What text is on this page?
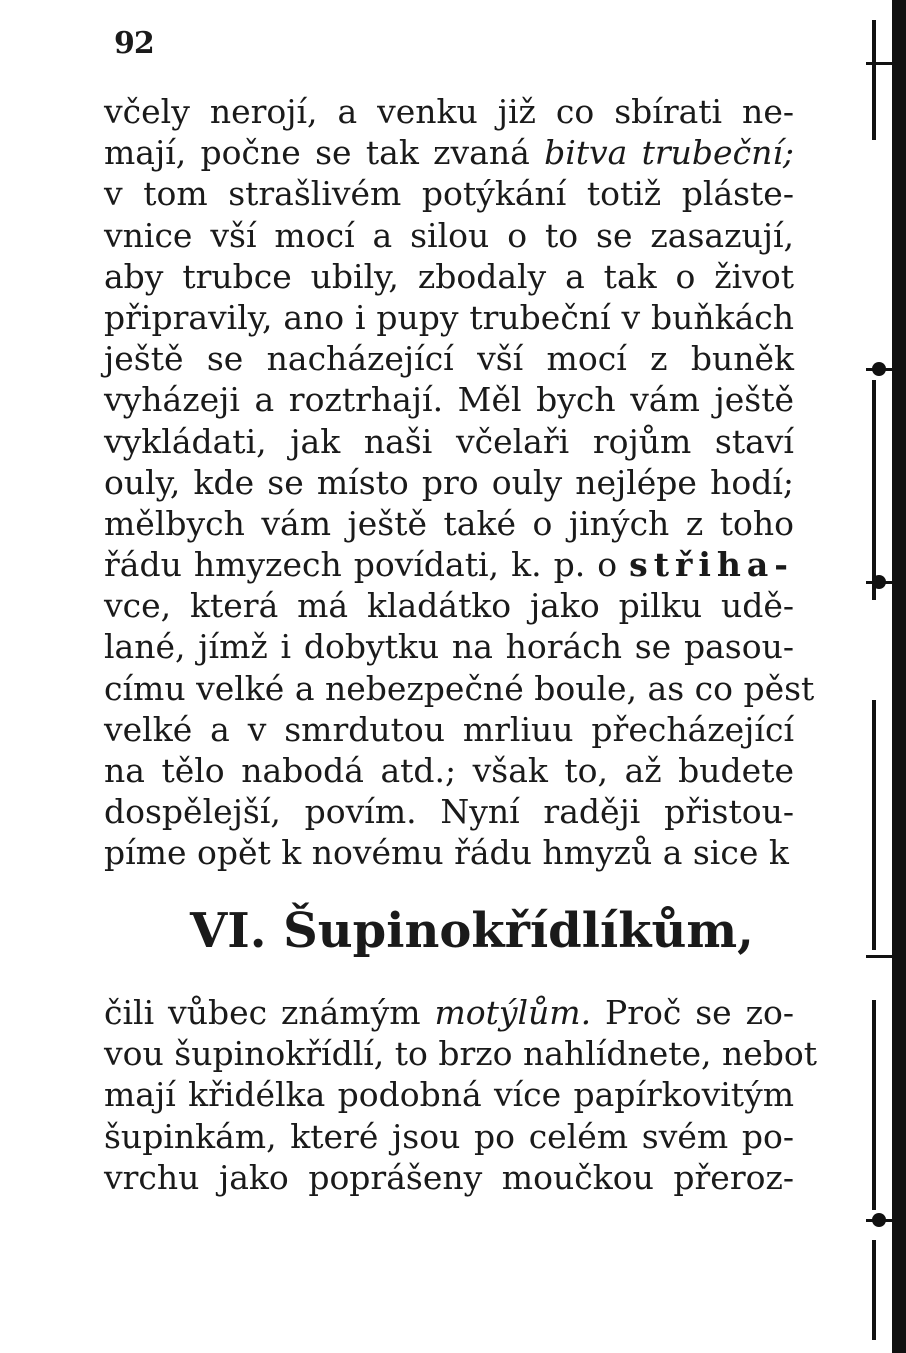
92
včely nerojí, a venku již co sbírati ne-
mají, počne se tak zvaná bitva trubeční;
v tom strašlivém potýkání totiž pláste-
vnice vší mocí a silou o to se zasazují,
aby trubce ubily, zbodaly a tak o život
připravily, ano i pupy trubeční v buňkách
ještě se nacházející vší mocí z buněk
vyházeji a roztrhají. Měl bych vám ještě
vykládati, jak naši včelaři rojům staví
ouly, kde se místo pro ouly nejlépe hodí;
mělbych vám ještě také o jiných z toho
řádu hmyzech povídati, k. p. o střiha-
vce, která má kladátko jako pilku udě-
lané, jímž i dobytku na horách se pasou-
címu velké a nebezpečné boule, as co pěst
velké a v smrdutou mrliuu přecházející
na tělo nabodá atd.; však to, až budete
dospělejší, povím. Nyní raději přistou-
píme opět k novému řádu hmyzů a sice k
VI. Šupinokřídlíkům,
čili vůbec známým motýlům. Proč se zo-
vou šupinokřídlí, to brzo nahlídnete, nebot
mají křidélka podobná více papírkovitým
šupinkám, které jsou po celém svém po-
vrchu jako poprášeny moučkou přeroz-
